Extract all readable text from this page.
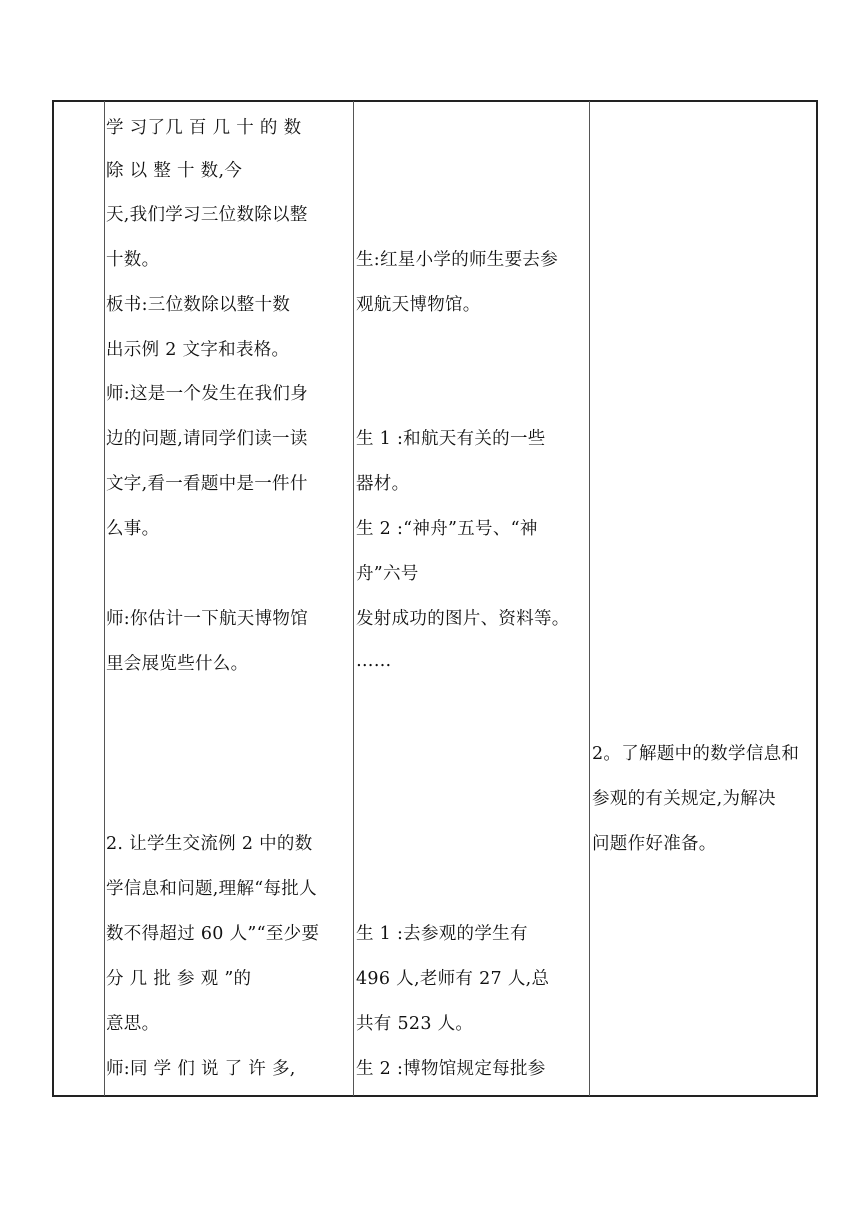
学 习了几 百 几 十 的 数
除 以 整 十 数,今
天,我们学习三位数除以整
十数。
板书:三位数除以整十数
出示例 2 文字和表格。
师:这是一个发生在我们身
边的问题,请同学们读一读
文字,看一看题中是一件什
么事。
师:你估计一下航天博物馆
里会展览些什么。
2. 让学生交流例 2 中的数
学信息和问题,理解“每批人
数不得超过 60 人”“至少要
分 几 批 参 观 ”的
意思。
师:同 学 们 说 了 许 多,
生:红星小学的师生要去参
观航天博物馆。
生 1 :和航天有关的一些
器材。
生 2 :“神舟”五号、“神
舟”六号
发射成功的图片、资料等。
……
生 1 :去参观的学生有
496 人,老师有 27 人,总
共有 523 人。
生 2 :博物馆规定每批参
2。了解题中的数学信息和
参观的有关规定,为解决
问题作好准备。
